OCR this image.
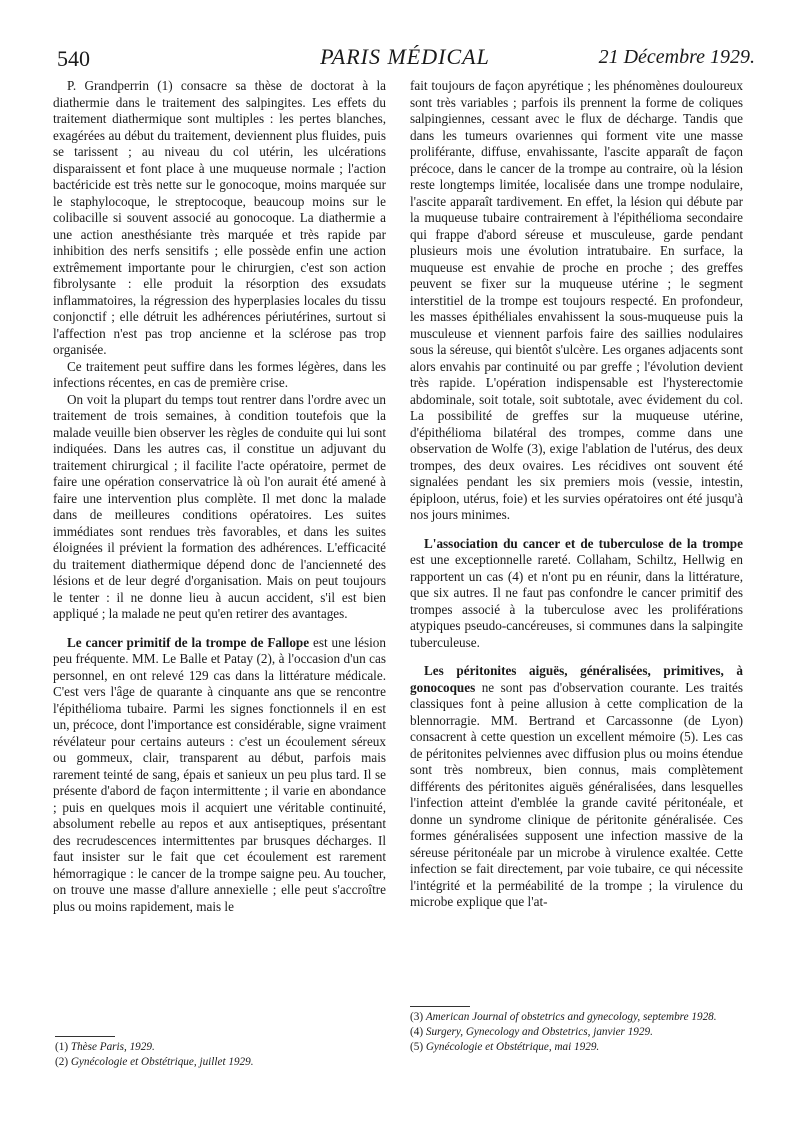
540	PARIS MÉDICAL	21 Décembre 1929.

P. Grandperrin (1) consacre sa thèse de doctorat à la diathermie dans le traitement des salpingites. Les effets du traitement diathermique sont multiples : les pertes blanches, exagérées au début du traitement, deviennent plus fluides, puis se tarissent ; au niveau du col utérin, les ulcérations disparaissent et font place à une muqueuse normale ; l'action bactéricide est très nette sur le gonocoque, moins marquée sur le staphylocoque, le streptocoque, beaucoup moins sur le colibacille si souvent associé au gonocoque. La diathermie a une action anesthésiante très marquée et très rapide par inhibition des nerfs sensitifs ; elle possède enfin une action extrêmement importante pour le chirurgien, c'est son action fibrolysante : elle produit la résorption des exsudats inflammatoires, la régression des hyperplasies locales du tissu conjonctif ; elle détruit les adhérences périutérines, surtout si l'affection n'est pas trop ancienne et la sclérose pas trop organisée.

Ce traitement peut suffire dans les formes légères, dans les infections récentes, en cas de première crise.

On voit la plupart du temps tout rentrer dans l'ordre avec un traitement de trois semaines, à condition toutefois que la malade veuille bien observer les règles de conduite qui lui sont indiquées. Dans les autres cas, il constitue un adjuvant du traitement chirurgical ; il facilite l'acte opératoire, permet de faire une opération conservatrice là où l'on aurait été amené à faire une intervention plus complète. Il met donc la malade dans de meilleures conditions opératoires. Les suites immédiates sont rendues très favorables, et dans les suites éloignées il prévient la formation des adhérences. L'efficacité du traitement diathermique dépend donc de l'ancienneté des lésions et de leur degré d'organisation. Mais on peut toujours le tenter : il ne donne lieu à aucun accident, s'il est bien appliqué ; la malade ne peut qu'en retirer des avantages.

Le cancer primitif de la trompe de Fallope est une lésion peu fréquente. MM. Le Balle et Patay (2), à l'occasion d'un cas personnel, en ont relevé 129 cas dans la littérature médicale. C'est vers l'âge de quarante à cinquante ans que se rencontre l'épithélioma tubaire. Parmi les signes fonctionnels il en est un, précoce, dont l'importance est considérable, signe vraiment révélateur pour certains auteurs : c'est un écoulement séreux ou gommeux, clair, transparent au début, parfois mais rarement teinté de sang, épais et sanieux un peu plus tard. Il se présente d'abord de façon intermittente ; il varie en abondance ; puis en quelques mois il acquiert une véritable continuité, absolument rebelle au repos et aux antiseptiques, présentant des recrudescences intermittentes par brusques décharges. Il faut insister sur le fait que cet écoulement est rarement hémorragique : le cancer de la trompe saigne peu. Au toucher, on trouve une masse d'allure annexielle ; elle peut s'accroître plus ou moins rapidement, mais le

fait toujours de façon apyrétique ; les phénomènes douloureux sont très variables ; parfois ils prennent la forme de coliques salpingiennes, cessant avec le flux de décharge. Tandis que dans les tumeurs ovariennes qui forment vite une masse proliférante, diffuse, envahissante, l'ascite apparaît de façon précoce, dans le cancer de la trompe au contraire, où la lésion reste longtemps limitée, localisée dans une trompe nodulaire, l'ascite apparaît tardivement. En effet, la lésion qui débute par la muqueuse tubaire contrairement à l'épithélioma secondaire qui frappe d'abord séreuse et musculeuse, garde pendant plusieurs mois une évolution intratubaire. En surface, la muqueuse est envahie de proche en proche ; des greffes peuvent se fixer sur la muqueuse utérine ; le segment interstitiel de la trompe est toujours respecté. En profondeur, les masses épithéliales envahissent la sous-muqueuse puis la musculeuse et viennent parfois faire des saillies nodulaires sous la séreuse, qui bientôt s'ulcère. Les organes adjacents sont alors envahis par continuité ou par greffe ; l'évolution devient très rapide. L'opération indispensable est l'hysterectomie abdominale, soit totale, soit subtotale, avec évidement du col. La possibilité de greffes sur la muqueuse utérine, d'épithélioma bilatéral des trompes, comme dans une observation de Wolfe (3), exige l'ablation de l'utérus, des deux trompes, des deux ovaires. Les récidives ont souvent été signalées pendant les six premiers mois (vessie, intestin, épiploon, utérus, foie) et les survies opératoires ont été jusqu'à nos jours minimes.

L'association du cancer et de tuberculose de la trompe est une exceptionnelle rareté. Collaham, Schiltz, Hellwig en rapportent un cas (4) et n'ont pu en réunir, dans la littérature, que six autres. Il ne faut pas confondre le cancer primitif des trompes associé à la tuberculose avec les proliférations atypiques pseudo-cancéreuses, si communes dans la salpingite tuberculeuse.

Les péritonites aiguës, généralisées, primitives, à gonocoques ne sont pas d'observation courante. Les traités classiques font à peine allusion à cette complication de la blennorragie. MM. Bertrand et Carcassonne (de Lyon) consacrent à cette question un excellent mémoire (5). Les cas de péritonites pelviennes avec diffusion plus ou moins étendue sont très nombreux, bien connus, mais complètement différents des péritonites aiguës généralisées, dans lesquelles l'infection atteint d'emblée la grande cavité péritonéale, et donne un syndrome clinique de péritonite généralisée. Ces formes généralisées supposent une infection massive de la séreuse péritonéale par un microbe à virulence exaltée. Cette infection se fait directement, par voie tubaire, ce qui nécessite l'intégrité et la perméabilité de la trompe ; la virulence du microbe explique que l'at-

(1) Thèse Paris, 1929.
(2) Gynécologie et Obstétrique, juillet 1929.
(3) American Journal of obstetrics and gynecology, septembre 1928.
(4) Surgery, Gynecology and Obstetrics, janvier 1929.
(5) Gynécologie et Obstétrique, mai 1929.
